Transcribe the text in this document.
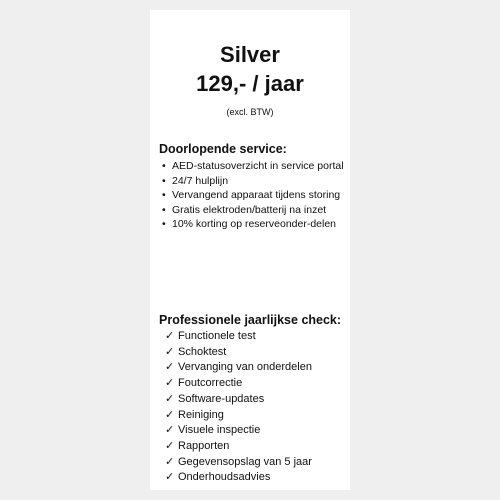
Silver
129,- / jaar
(excl. BTW)
Doorlopende service:
• AED-statusoverzicht in service portal
• 24/7 hulplijn
• Vervangend apparaat tijdens storing
• Gratis elektroden/batterij na inzet
• 10% korting op reserveonder-delen
Professionele jaarlijkse check:
✓ Functionele test
✓ Schoktest
✓ Vervanging van onderdelen
✓ Foutcorrectie
✓ Software-updates
✓ Reiniging
✓ Visuele inspectie
✓ Rapporten
✓ Gegevensopslag van 5 jaar
✓ Onderhoudsadvies
